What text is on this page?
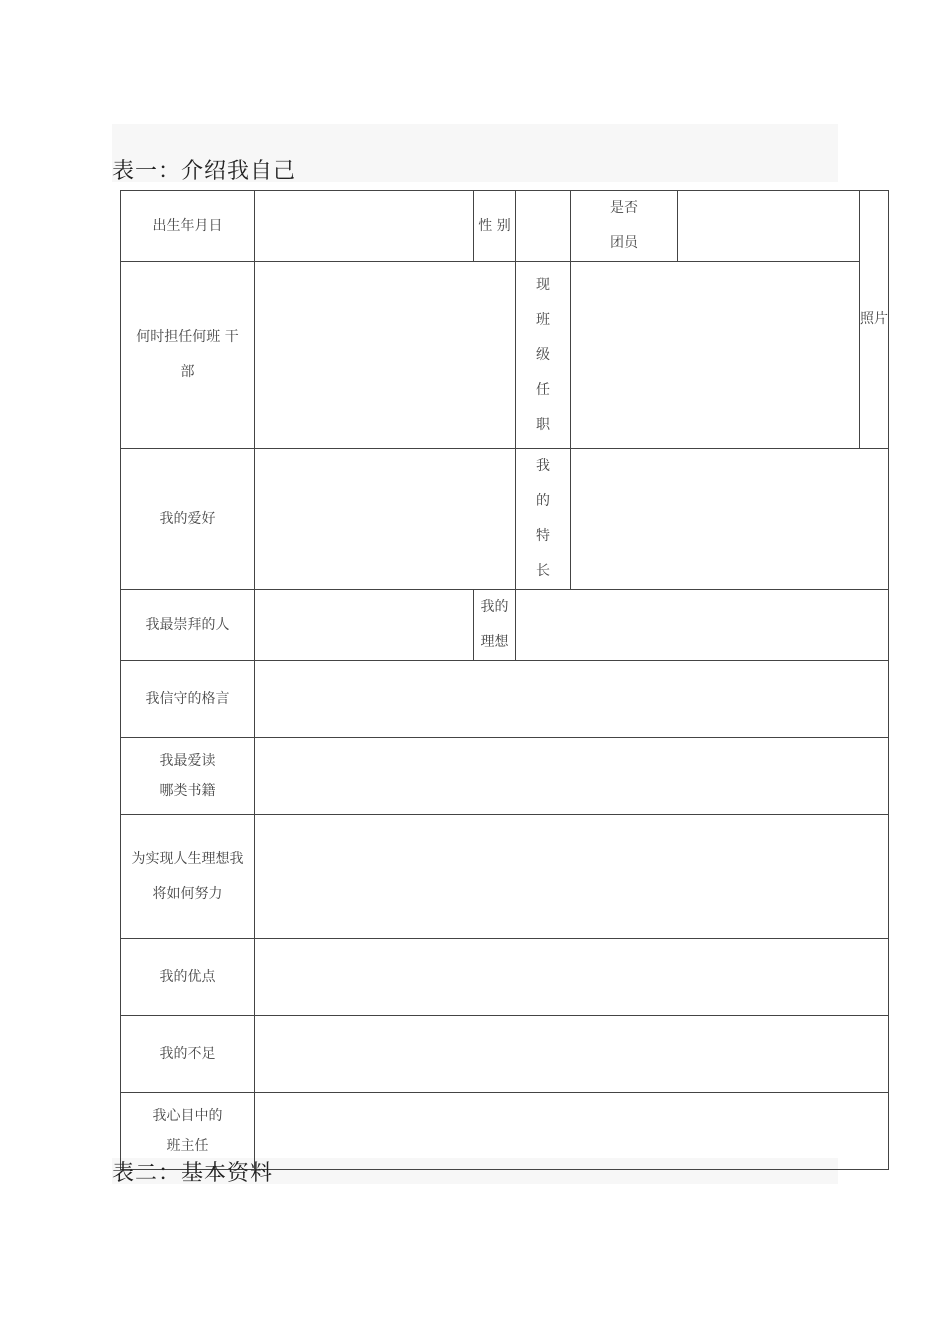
表一：介绍我自己
出生年月日		性 别		是否
团员		照片

何时担任何班 干
部			现
班
级
任
职			

我的爱好			我
的
特
长			

我最崇拜的人		我的
理想				

我信守的格言						

我最爱读
哪类书籍						

为实现人生理想我
将如何努力						

我的优点						
我的不足						

我心目中的
班主任						

表二：基本资料
